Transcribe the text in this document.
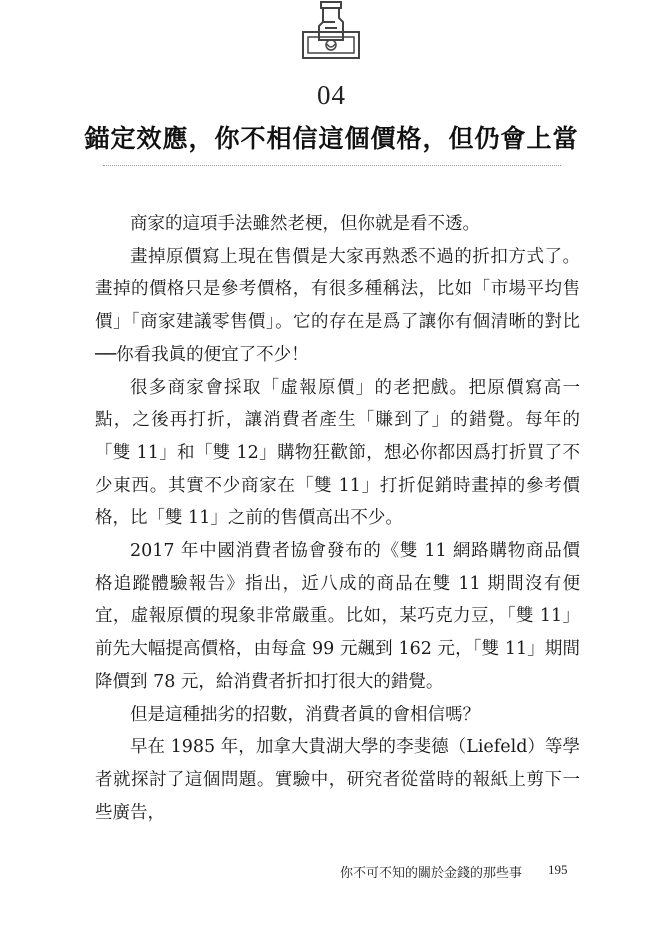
04
錨定效應，你不相信這個價格，但仍會上當

商家的這項手法雖然老梗，但你就是看不透。

畫掉原價寫上現在售價是大家再熟悉不過的折扣方式了。畫掉的價格只是參考價格，有很多種稱法，比如「市場平均售價」「商家建議零售價」。它的存在是爲了讓你有個清晰的對比──你看我眞的便宜了不少！

很多商家會採取「虛報原價」的老把戲。把原價寫高一點，之後再打折，讓消費者產生「賺到了」的錯覺。每年的「雙 11」和「雙 12」購物狂歡節，想必你都因爲打折買了不少東西。其實不少商家在「雙 11」打折促銷時畫掉的參考價格，比「雙 11」之前的售價高出不少。

2017 年中國消費者協會發布的《雙 11 網路購物商品價格追蹤體驗報告》指出，近八成的商品在雙 11 期間沒有便宜，虛報原價的現象非常嚴重。比如，某巧克力豆，「雙 11」前先大幅提高價格，由每盒 99 元飆到 162 元，「雙 11」期間降價到 78 元，給消費者折扣打很大的錯覺。

但是這種拙劣的招數，消費者眞的會相信嗎？

早在 1985 年，加拿大貴湖大學的李斐德（Liefeld）等學者就探討了這個問題。實驗中，研究者從當時的報紙上剪下一些廣告，

你不可不知的關於金錢的那些事 195
